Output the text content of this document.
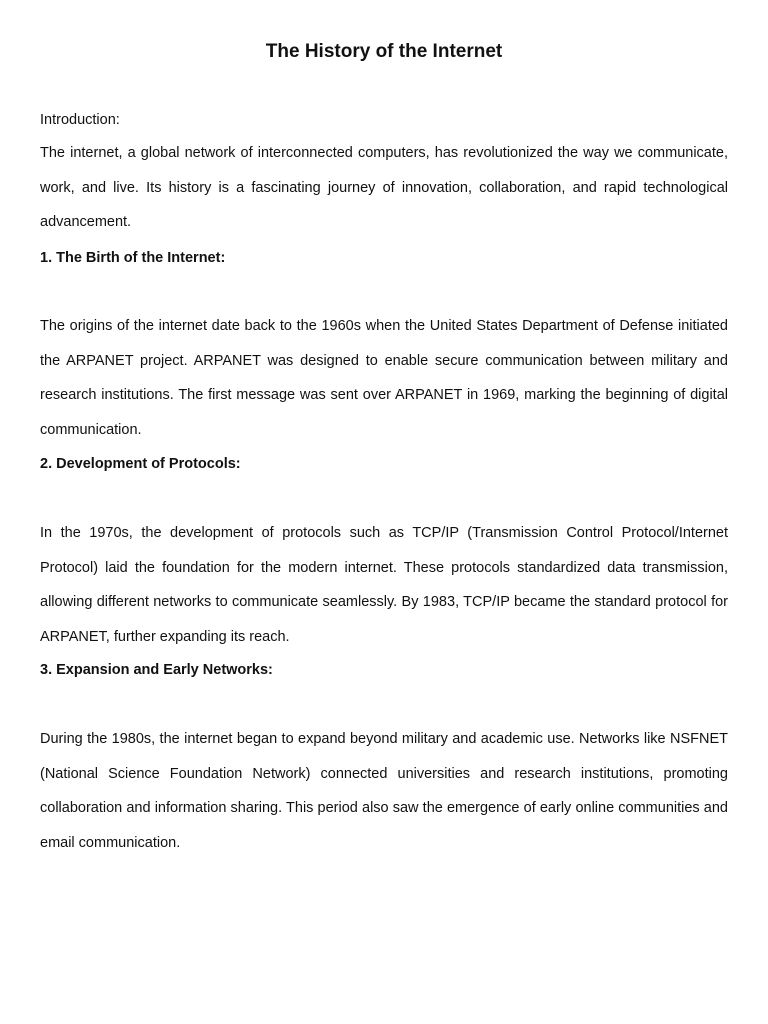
The History of the Internet
Introduction:

The internet, a global network of interconnected computers, has revolutionized the way we communicate, work, and live. Its history is a fascinating journey of innovation, collaboration, and rapid technological advancement.

1. The Birth of the Internet:

The origins of the internet date back to the 1960s when the United States Department of Defense initiated the ARPANET project. ARPANET was designed to enable secure communication between military and research institutions. The first message was sent over ARPANET in 1969, marking the beginning of digital communication.

2. Development of Protocols:

In the 1970s, the development of protocols such as TCP/IP (Transmission Control Protocol/Internet Protocol) laid the foundation for the modern internet. These protocols standardized data transmission, allowing different networks to communicate seamlessly. By 1983, TCP/IP became the standard protocol for ARPANET, further expanding its reach.

3. Expansion and Early Networks:

During the 1980s, the internet began to expand beyond military and academic use. Networks like NSFNET (National Science Foundation Network) connected universities and research institutions, promoting collaboration and information sharing. This period also saw the emergence of early online communities and email communication.
